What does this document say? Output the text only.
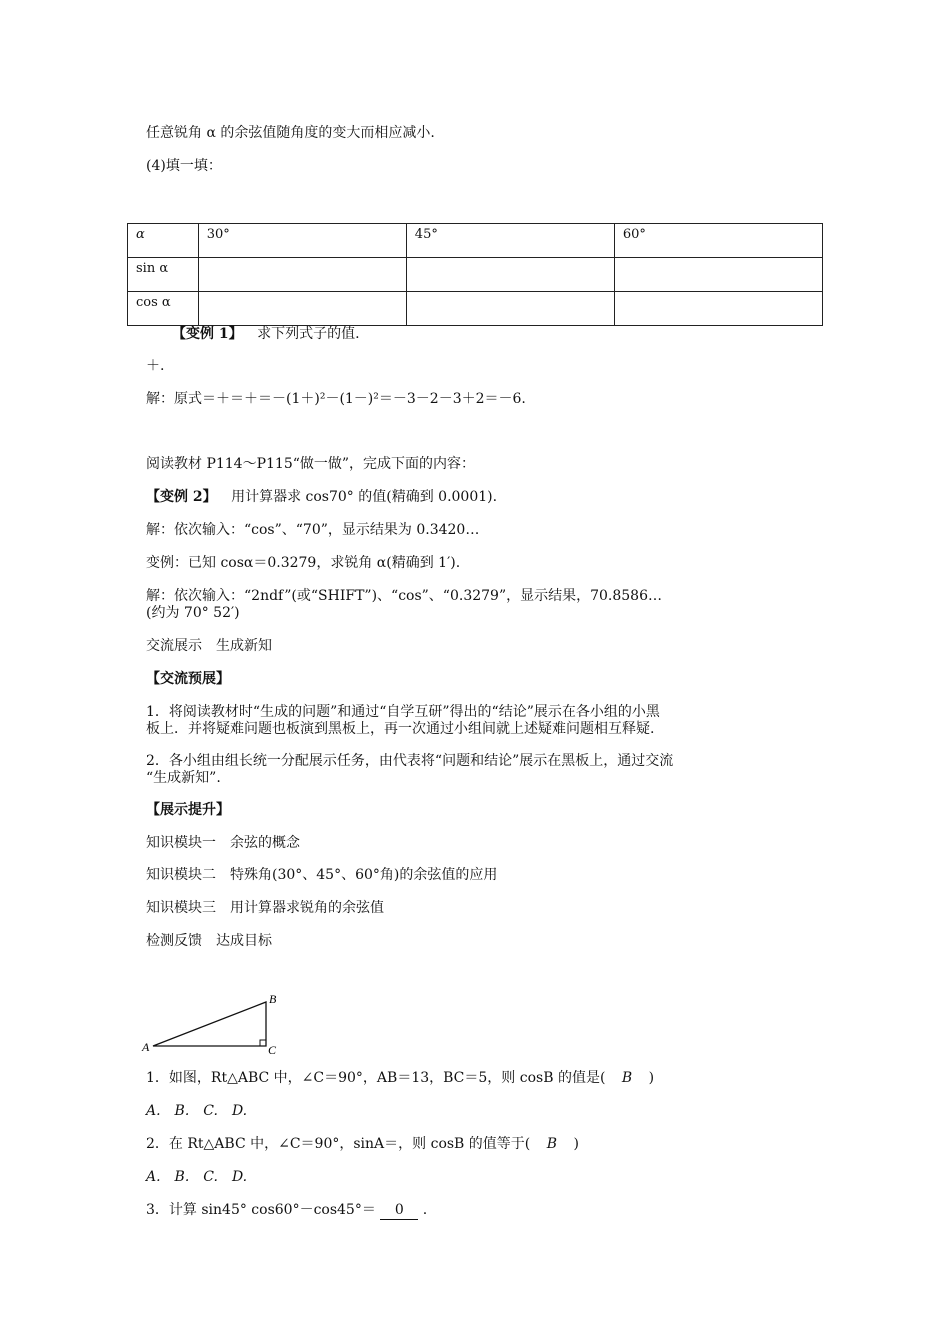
任意锐角 α 的余弦值随角度的变大而相应减小.
(4)填一填：
α	30°	45°	60°
sin α			
cos α			
【变例 1】 求下列式子的值.
＋.
解：原式＝＋＝＋＝－(1＋)²－(1－)²＝－3－2－3＋2＝－6.
阅读教材 P114～P115“做一做”，完成下面的内容：
【变例 2】 用计算器求 cos70° 的值(精确到 0.0001).
解：依次输入：“cos”、“70”，显示结果为 0.3420…
变例：已知 cosα＝0.3279，求锐角 α(精确到 1′).
解：依次输入：“2ndf”(或“SHIFT”)、“cos”、“0.3279”，显示结果，70.8586…
(约为 70° 52′)
交流展示　生成新知
【交流预展】
1．将阅读教材时“生成的问题”和通过“自学互研”得出的“结论”展示在各小组的小黑
板上．并将疑难问题也板演到黑板上，再一次通过小组间就上述疑难问题相互释疑.
2．各小组由组长统一分配展示任务，由代表将“问题和结论”展示在黑板上，通过交流
“生成新知”.
【展示提升】
知识模块一　余弦的概念
知识模块二　特殊角(30°、45°、60°角)的余弦值的应用
知识模块三　用计算器求锐角的余弦值
检测反馈　达成目标
A
B
C
1．如图，Rt△ABC 中，∠C＝90°，AB＝13，BC＝5，则 cosB 的值是( B )
A.　B.　C.　D.
2．在 Rt△ABC 中，∠C＝90°，sinA＝，则 cosB 的值等于( B )
A.　B.　C.　D.
3．计算 sin45° cos60°－cos45°＝ 0 .
